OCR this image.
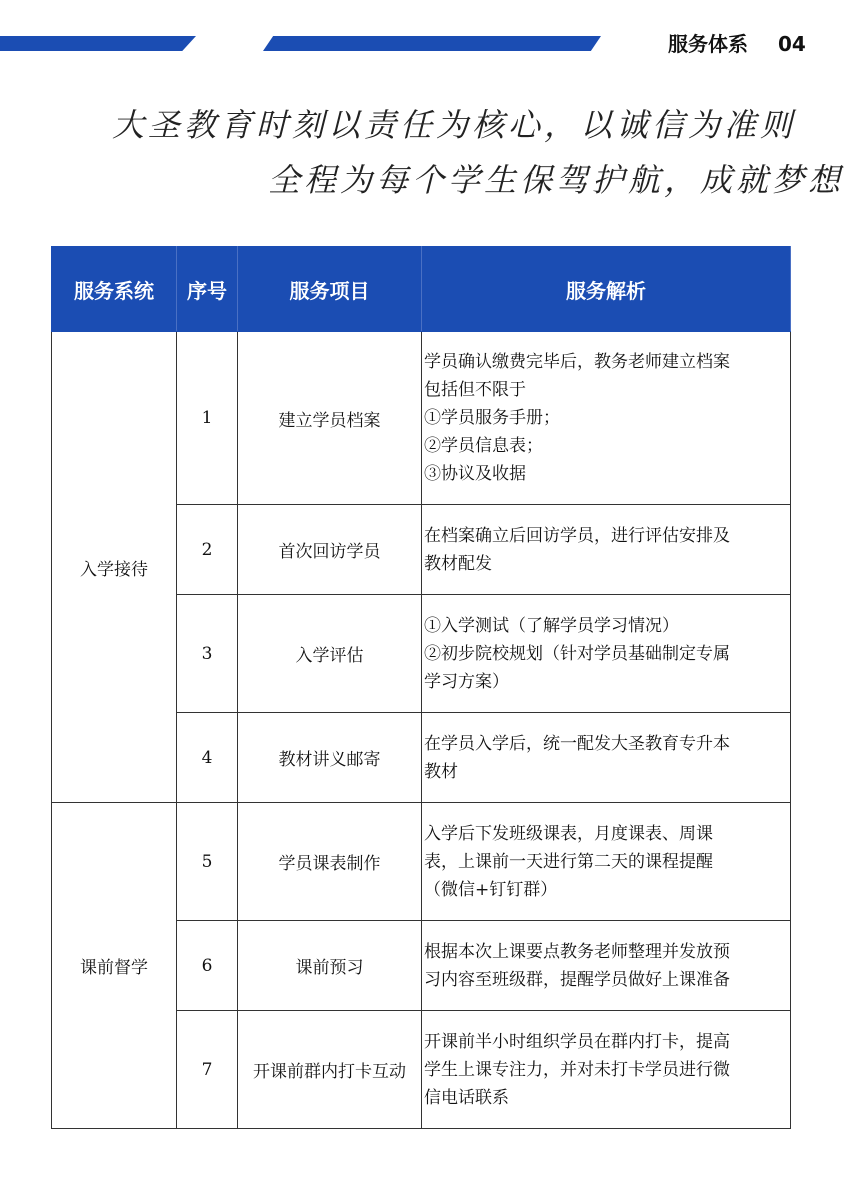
服务体系 04
大圣教育时刻以责任为核心，以诚信为准则
全程为每个学生保驾护航，成就梦想
服务系统	序号	服务项目	服务解析
入学接待	1	建立学员档案	学员确认缴费完毕后，教务老师建立档案
包括但不限于
①学员服务手册；
②学员信息表；
③协议及收据

	2	首次回访学员	在档案确立后回访学员，进行评估安排及
教材配发

	3	入学评估	①入学测试（了解学员学习情况）
②初步院校规划（针对学员基础制定专属
学习方案）

	4	教材讲义邮寄	在学员入学后，统一配发大圣教育专升本
教材

课前督学	5	学员课表制作	入学后下发班级课表，月度课表、周课
表，上课前一天进行第二天的课程提醒
（微信+钉钉群）

	6	课前预习	根据本次上课要点教务老师整理并发放预
习内容至班级群，提醒学员做好上课准备

	7	开课前群内打卡互动	开课前半小时组织学员在群内打卡，提高
学生上课专注力，并对未打卡学员进行微
信电话联系
